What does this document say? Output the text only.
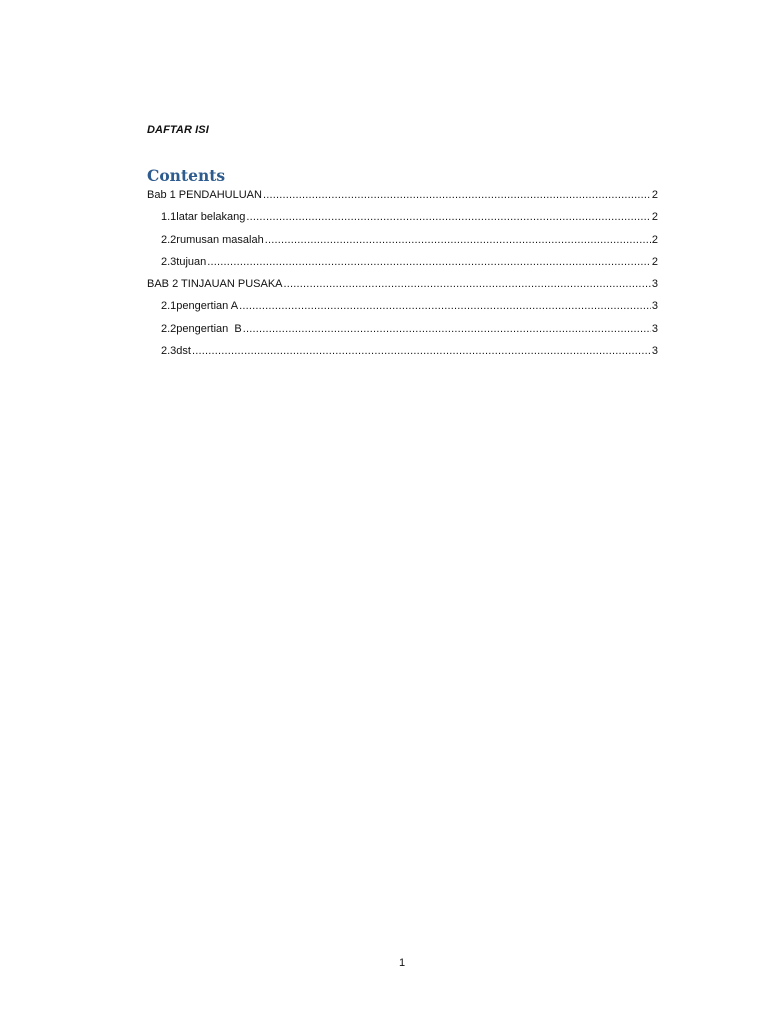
DAFTAR ISI
Contents
Bab 1 PENDAHULUAN .....	2
1.1latar belakang .....	2
2.2rumusan masalah .....	2
2.3tujuan .....	2
BAB 2 TINJAUAN PUSAKA .....	3
2.1pengertian A .....	3
2.2pengertian  B .....	3
2.3dst .....	3
1
